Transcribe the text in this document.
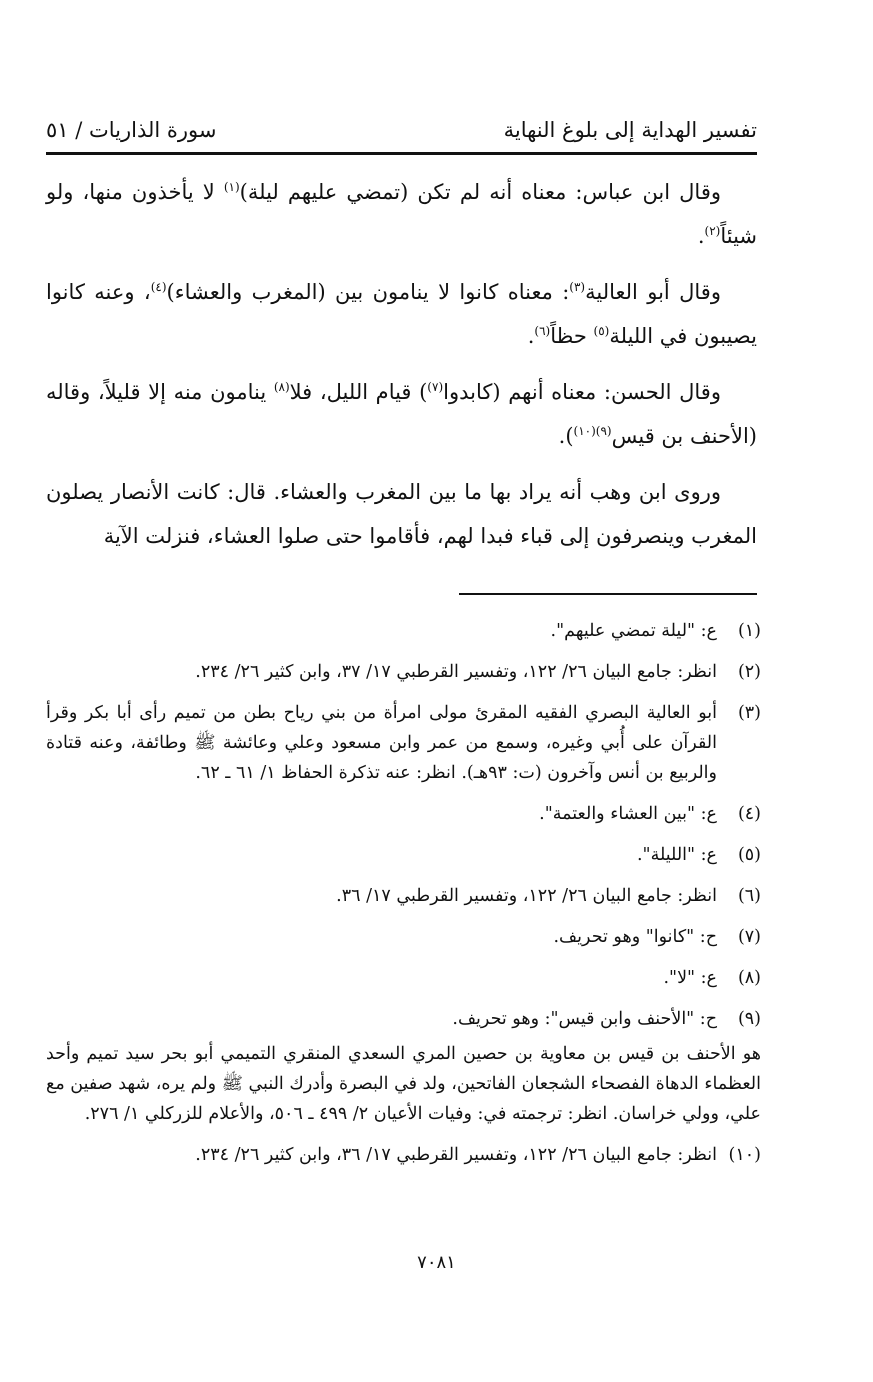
تفسير الهداية إلى بلوغ النهاية
سورة الذاريات / ٥١

وقال ابن عباس: معناه أنه لم تكن (تمضي عليهم ليلة)$^{(١)}$ لا يأخذون منها، ولو شيئاً$^{(٢)}$.

وقال أبو العالية$^{(٣)}$: معناه كانوا لا ينامون بين (المغرب والعشاء)$^{(٤)}$، وعنه كانوا يصيبون في الليلة$^{(٥)}$ حظاً$^{(٦)}$.

وقال الحسن: معناه أنهم (كابدوا$^{(٧)}$) قيام الليل، فلا$^{(٨)}$ ينامون منه إلا قليلاً، وقاله (الأحنف بن قيس$^{(٩)(١٠)}$).

وروى ابن وهب أنه يراد بها ما بين المغرب والعشاء. قال: كانت الأنصار يصلون المغرب وينصرفون إلى قباء فبدا لهم، فأقاموا حتى صلوا العشاء، فنزلت الآية

(١)
ع: "ليلة تمضي عليهم".
(٢)
انظر: جامع البيان ٢٦/ ١٢٢، وتفسير القرطبي ١٧/ ٣٧، وابن كثير ٢٦/ ٢٣٤.
(٣)
أبو العالية البصري الفقيه المقرئ مولى امرأة من بني رياح بطن من تميم رأى أبا بكر وقرأ القرآن على أُبي وغيره، وسمع من عمر وابن مسعود وعلي وعائشة ﷺ وطائفة، وعنه قتادة والربيع بن أنس وآخرون (ت: ٩٣هـ). انظر: عنه تذكرة الحفاظ ١/ ٦١ ـ ٦٢.
(٤)
ع: "بين العشاء والعتمة".
(٥)
ع: "الليلة".
(٦)
انظر: جامع البيان ٢٦/ ١٢٢، وتفسير القرطبي ١٧/ ٣٦.
(٧)
ح: "كانوا" وهو تحريف.
(٨)
ع: "لا".
(٩)
ح: "الأحنف وابن قيس": وهو تحريف.
هو الأحنف بن قيس بن معاوية بن حصين المري السعدي المنقري التميمي أبو بحر سيد تميم وأحد العظماء الدهاة الفصحاء الشجعان الفاتحين، ولد في البصرة وأدرك النبي ﷺ ولم يره، شهد صفين مع علي، وولي خراسان. انظر: ترجمته في: وفيات الأعيان ٢/ ٤٩٩ ـ ٥٠٦، والأعلام للزركلي ١/ ٢٧٦.
(١٠)
انظر: جامع البيان ٢٦/ ١٢٢، وتفسير القرطبي ١٧/ ٣٦، وابن كثير ٢٦/ ٢٣٤.
٧٠٨١
